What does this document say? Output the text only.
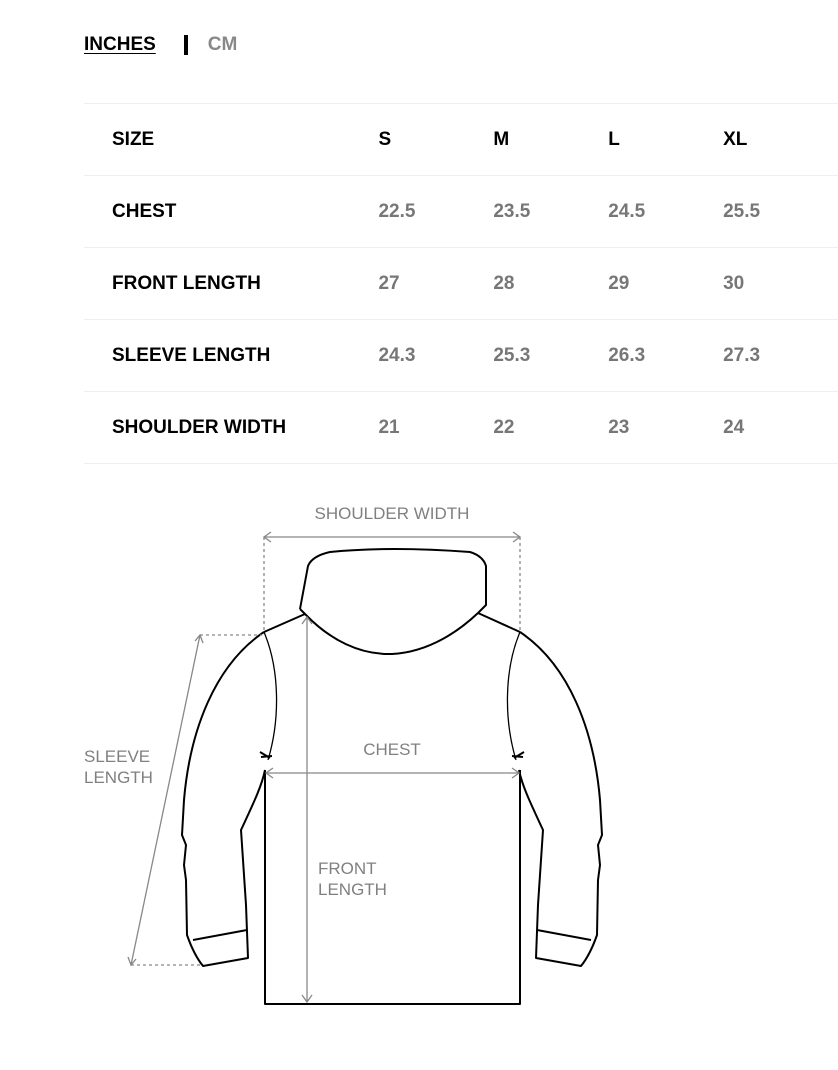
INCHES	CM
SIZE	S	M	L	XL
CHEST	22.5	23.5	24.5	25.5
FRONT LENGTH	27	28	29	30
SLEEVE LENGTH	24.3	25.3	26.3	27.3
SHOULDER WIDTH	21	22	23	24
SHOULDER WIDTH
CHEST
FRONT
LENGTH
SLEEVE
LENGTH
